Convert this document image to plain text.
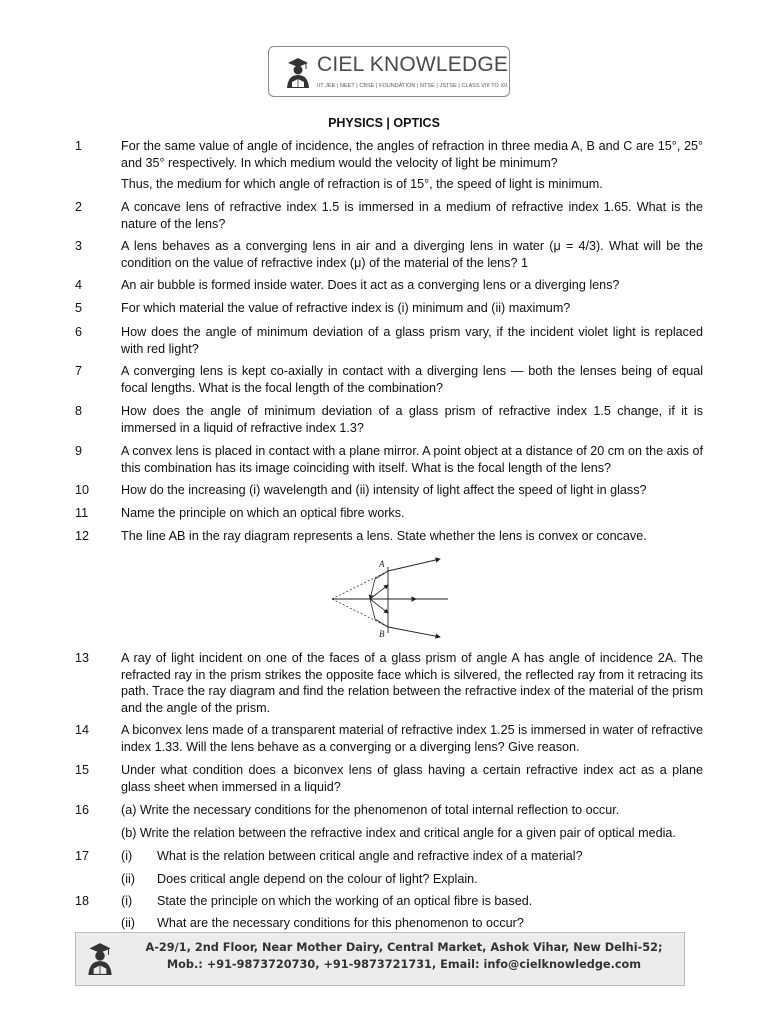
CIEL KNOWLEDGE
IIT JEE | NEET | CBSE | FOUNDATION | NTSE | JSTSE | CLASS VIII TO XII
PHYSICS | OPTICS
1	For the same value of angle of incidence, the angles of refraction in three media A, B and C are 15°, 25° and 35° respectively. In which medium would the velocity of light be minimum?
Thus, the medium for which angle of refraction is of 15°, the speed of light is minimum.
2	A concave lens of refractive index 1.5 is immersed in a medium of refractive index 1.65. What is the nature of the lens?
3	A lens behaves as a converging lens in air and a diverging lens in water (μ = 4/3). What will be the condition on the value of refractive index (μ) of the material of the lens? 1
4	An air bubble is formed inside water. Does it act as a converging lens or a diverging lens?
5	For which material the value of refractive index is (i) minimum and (ii) maximum?
6	How does the angle of minimum deviation of a glass prism vary, if the incident violet light is replaced with red light?
7	A converging lens is kept co-axially in contact with a diverging lens — both the lenses being of equal focal lengths. What is the focal length of the combination?
8	How does the angle of minimum deviation of a glass prism of refractive index 1.5 change, if it is immersed in a liquid of refractive index 1.3?
9	A convex lens is placed in contact with a plane mirror. A point object at a distance of 20 cm on the axis of this combination has its image coinciding with itself. What is the focal length of the lens?
10	How do the increasing (i) wavelength and (ii) intensity of light affect the speed of light in glass?
11	Name the principle on which an optical fibre works.
12	The line AB in the ray diagram represents a lens. State whether the lens is convex or concave.
A
B
13	A ray of light incident on one of the faces of a glass prism of angle A has angle of incidence 2A. The refracted ray in the prism strikes the opposite face which is silvered, the reflected ray from it retracing its path. Trace the ray diagram and find the relation between the refractive index of the material of the prism and the angle of the prism.
14	A biconvex lens made of a transparent material of refractive index 1.25 is immersed in water of refractive index 1.33. Will the lens behave as a converging or a diverging lens? Give reason.
15	Under what condition does a biconvex lens of glass having a certain refractive index act as a plane glass sheet when immersed in a liquid?
16	(a) Write the necessary conditions for the phenomenon of total internal reflection to occur.
(b) Write the relation between the refractive index and critical angle for a given pair of optical media.
17	(i) What is the relation between critical angle and refractive index of a material?
(ii) Does critical angle depend on the colour of light? Explain.
18	(i) State the principle on which the working of an optical fibre is based.
(ii) What are the necessary conditions for this phenomenon to occur?
A-29/1, 2nd Floor, Near Mother Dairy, Central Market, Ashok Vihar, New Delhi-52;
Mob.: +91-9873720730, +91-9873721731, Email: info@cielknowledge.com
